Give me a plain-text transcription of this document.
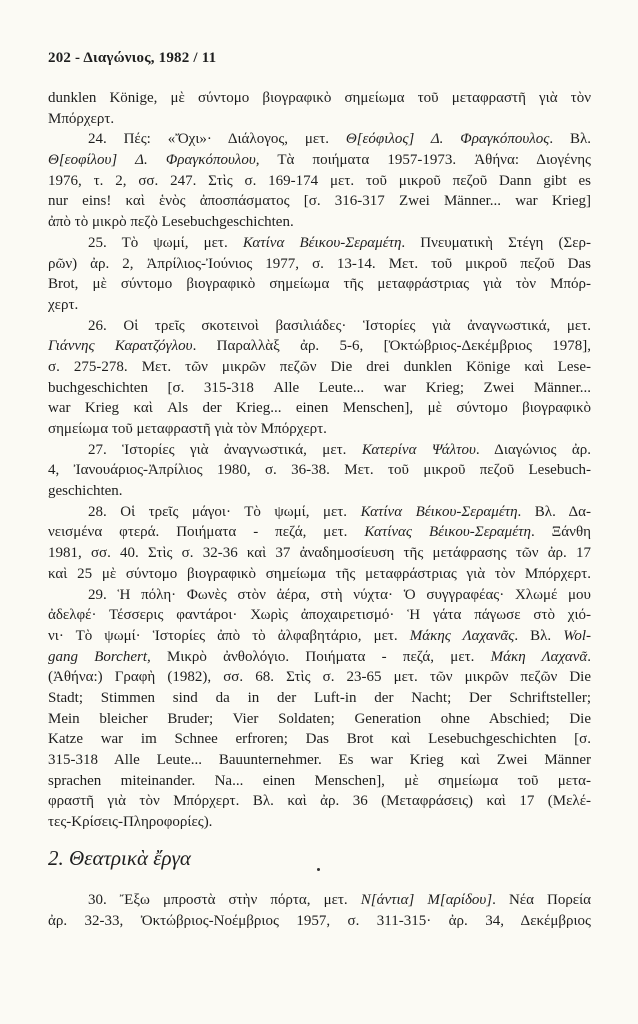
202 - Διαγώνιος, 1982 / 11
dunklen Könige, μὲ σύντομο βιογραφικὸ σημείωμα τοῦ μεταφραστῆ γιὰ τὸν
Μπόρχερτ.
24. Πές: «Ὄχι»· Διάλογος, μετ. Θ[εόφιλος] Δ. Φραγκόπουλος. Βλ.
Θ[εοφίλου] Δ. Φραγκόπουλου, Τὰ ποιήματα 1957-1973. Ἀθήνα: Διογένης
1976, τ. 2, σσ. 247. Στὶς σ. 169-174 μετ. τοῦ μικροῦ πεζοῦ Dann gibt es
nur eins! καὶ ἑνὸς ἀποσπάσματος [σ. 316-317 Zwei Männer... war Krieg]
ἀπὸ τὸ μικρὸ πεζὸ Lesebuchgeschichten.
25. Τὸ ψωμί, μετ. Κατίνα Βέικου-Σεραμέτη. Πνευματικὴ Στέγη (Σερ-
ρῶν) ἀρ. 2, Ἀπρίλιος-Ἰούνιος 1977, σ. 13-14. Μετ. τοῦ μικροῦ πεζοῦ Das
Brot, μὲ σύντομο βιογραφικὸ σημείωμα τῆς μεταφράστριας γιὰ τὸν Μπόρ-
χερτ.
26. Οἱ τρεῖς σκοτεινοὶ βασιλιάδες· Ἱστορίες γιὰ ἀναγνωστικά, μετ.
Γιάννης Καρατζόγλου. Παραλλὰξ ἀρ. 5-6, [Ὀκτώβριος-Δεκέμβριος 1978],
σ. 275-278. Μετ. τῶν μικρῶν πεζῶν Die drei dunklen Könige καὶ Lese-
buchgeschichten [σ. 315-318 Alle Leute... war Krieg; Zwei Männer...
war Krieg καὶ Als der Krieg... einen Menschen], μὲ σύντομο βιογραφικὸ
σημείωμα τοῦ μεταφραστῆ γιὰ τὸν Μπόρχερτ.
27. Ἱστορίες γιὰ ἀναγνωστικά, μετ. Κατερίνα Ψάλτου. Διαγώνιος ἀρ.
4, Ἰανουάριος-Ἀπρίλιος 1980, σ. 36-38. Μετ. τοῦ μικροῦ πεζοῦ Lesebuch-
geschichten.
28. Οἱ τρεῖς μάγοι· Τὸ ψωμί, μετ. Κατίνα Βέικου-Σεραμέτη. Βλ. Δα-
νεισμένα φτερά. Ποιήματα - πεζά, μετ. Κατίνας Βέικου-Σεραμέτη. Ξάνθη
1981, σσ. 40. Στὶς σ. 32-36 καὶ 37 ἀναδημοσίευση τῆς μετάφρασης τῶν ἀρ. 17
καὶ 25 μὲ σύντομο βιογραφικὸ σημείωμα τῆς μεταφράστριας γιὰ τὸν Μπόρχερτ.
29. Ἡ πόλη· Φωνὲς στὸν ἀέρα, στὴ νύχτα· Ὁ συγγραφέας· Χλωμέ μου
ἀδελφέ· Τέσσερις φαντάροι· Χωρὶς ἀποχαιρετισμό· Ἡ γάτα πάγωσε στὸ χιό-
νι· Τὸ ψωμί· Ἱστορίες ἀπὸ τὸ ἀλφαβητάριο, μετ. Μάκης Λαχανᾶς. Βλ. Wol-
gang Borchert, Μικρὸ ἀνθολόγιο. Ποιήματα - πεζά, μετ. Μάκη Λαχανᾶ.
(Ἀθήνα:) Γραφὴ (1982), σσ. 68. Στὶς σ. 23-65 μετ. τῶν μικρῶν πεζῶν Die
Stadt; Stimmen sind da in der Luft-in der Nacht; Der Schriftsteller;
Mein bleicher Bruder; Vier Soldaten; Generation ohne Abschied; Die
Katze war im Schnee erfroren; Das Brot καὶ Lesebuchgeschichten [σ.
315-318 Alle Leute... Bauunternehmer. Es war Krieg καὶ Zwei Männer
sprachen miteinander. Na... einen Menschen], μὲ σημείωμα τοῦ μετα-
φραστῆ γιὰ τὸν Μπόρχερτ. Βλ. καὶ ἀρ. 36 (Μεταφράσεις) καὶ 17 (Μελέ-
τες-Κρίσεις-Πληροφορίες).
2. Θεατρικὰ ἔργα
30. Ἔξω μπροστὰ στὴν πόρτα, μετ. Ν[άντια] Μ[αρίδου]. Νέα Πορεία
ἀρ. 32-33, Ὀκτώβριος-Νοέμβριος 1957, σ. 311-315· ἀρ. 34, Δεκέμβριος
